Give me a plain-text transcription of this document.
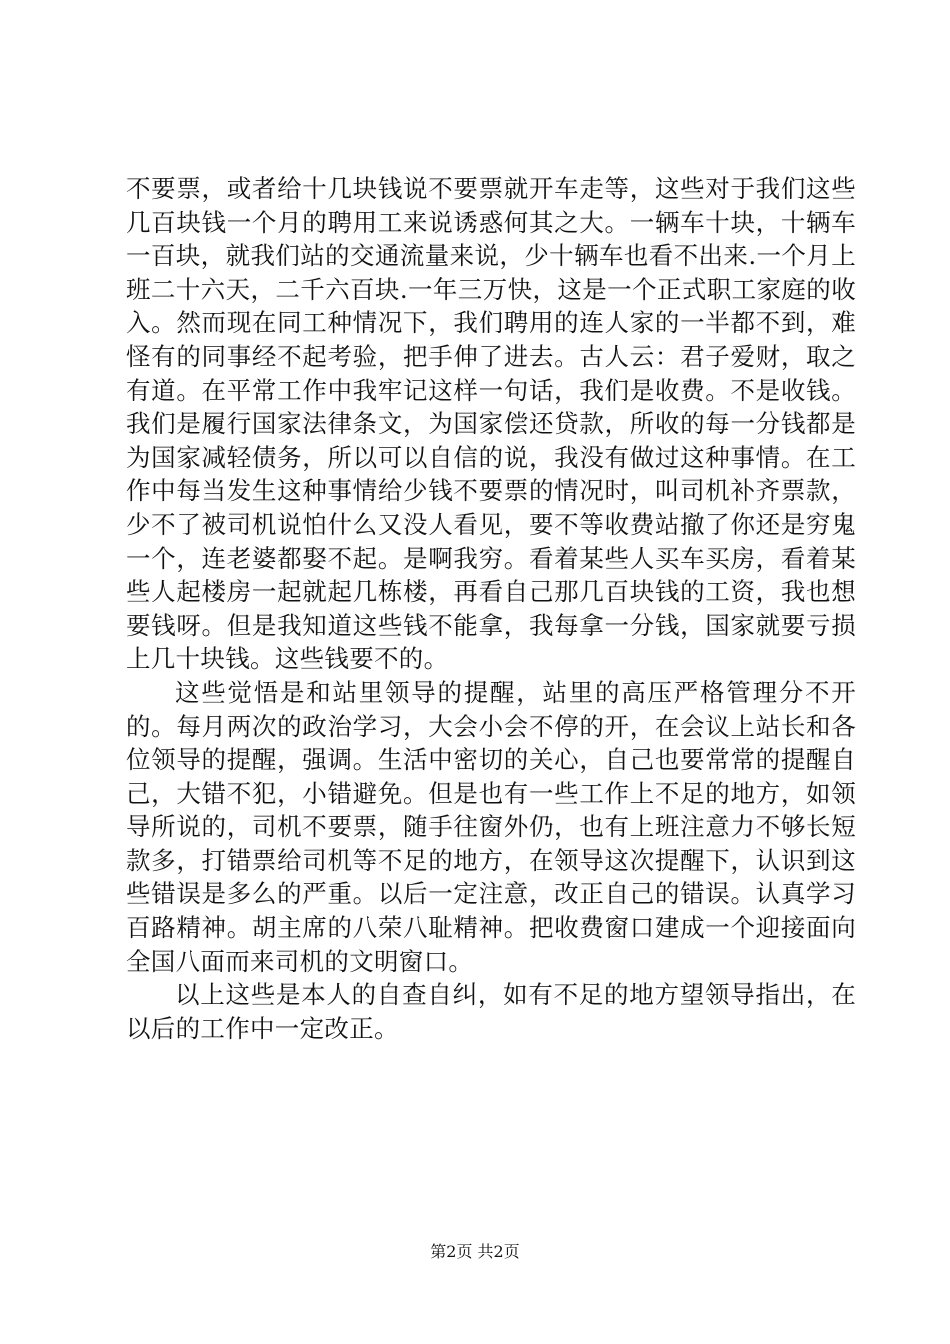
不要票，或者给十几块钱说不要票就开车走等，这些对于我们这些几百块钱一个月的聘用工来说诱惑何其之大。一辆车十块，十辆车一百块，就我们站的交通流量来说，少十辆车也看不出来.一个月上班二十六天，二千六百块.一年三万快，这是一个正式职工家庭的收入。然而现在同工种情况下，我们聘用的连人家的一半都不到，难怪有的同事经不起考验，把手伸了进去。古人云：君子爱财，取之有道。在平常工作中我牢记这样一句话，我们是收费。不是收钱。我们是履行国家法律条文，为国家偿还贷款，所收的每一分钱都是为国家减轻债务，所以可以自信的说，我没有做过这种事情。在工作中每当发生这种事情给少钱不要票的情况时，叫司机补齐票款，少不了被司机说怕什么又没人看见，要不等收费站撤了你还是穷鬼一个，连老婆都娶不起。是啊我穷。看着某些人买车买房，看着某些人起楼房一起就起几栋楼，再看自己那几百块钱的工资，我也想要钱呀。但是我知道这些钱不能拿，我每拿一分钱，国家就要亏损上几十块钱。这些钱要不的。

这些觉悟是和站里领导的提醒，站里的高压严格管理分不开的。每月两次的政治学习，大会小会不停的开，在会议上站长和各位领导的提醒，强调。生活中密切的关心，自己也要常常的提醒自己，大错不犯，小错避免。但是也有一些工作上不足的地方，如领导所说的，司机不要票，随手往窗外仍，也有上班注意力不够长短款多，打错票给司机等不足的地方，在领导这次提醒下，认识到这些错误是多么的严重。以后一定注意，改正自己的错误。认真学习百路精神。胡主席的八荣八耻精神。把收费窗口建成一个迎接面向全国八面而来司机的文明窗口。

以上这些是本人的自查自纠，如有不足的地方望领导指出，在以后的工作中一定改正。

第2页 共2页
